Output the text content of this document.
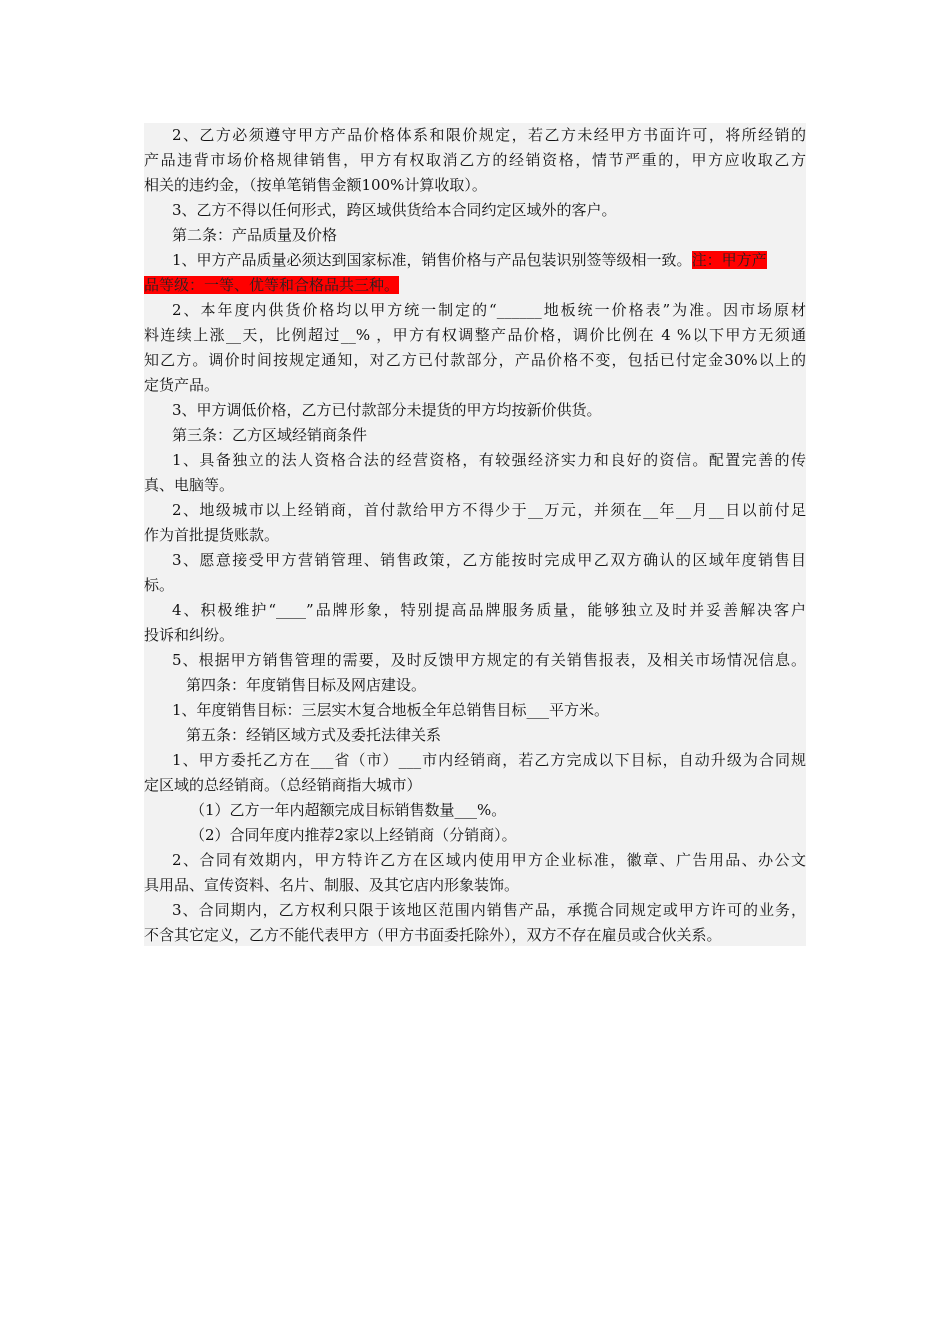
2、乙方必须遵守甲方产品价格体系和限价规定，若乙方未经甲方书面许可，将所经销的
产品违背市场价格规律销售，甲方有权取消乙方的经销资格，情节严重的，甲方应收取乙方
相关的违约金，（按单笔销售金额100%计算收取）。
3、乙方不得以任何形式，跨区域供货给本合同约定区域外的客户。
第二条：产品质量及价格
1、甲方产品质量必须达到国家标准，销售价格与产品包装识别签等级相一致。注：甲方产
品等级：一等、优等和合格品共三种。
2、本年度内供货价格均以甲方统一制定的“______地板统一价格表”为准。因市场原材
料连续上涨__天，比例超过__% ，甲方有权调整产品价格，调价比例在 4 %以下甲方无须通
知乙方。调价时间按规定通知，对乙方已付款部分，产品价格不变，包括已付定金30%以上的
定货产品。
3、甲方调低价格，乙方已付款部分未提货的甲方均按新价供货。
第三条：乙方区域经销商条件
1、具备独立的法人资格合法的经营资格，有较强经济实力和良好的资信。配置完善的传
真、电脑等。
2、地级城市以上经销商，首付款给甲方不得少于__万元，并须在__年__月__日以前付足
作为首批提货账款。
3、愿意接受甲方营销管理、销售政策，乙方能按时完成甲乙双方确认的区域年度销售目
标。
4、积极维护“____”品牌形象，特别提高品牌服务质量，能够独立及时并妥善解决客户
投诉和纠纷。
5、根据甲方销售管理的需要，及时反馈甲方规定的有关销售报表，及相关市场情况信息。
第四条：年度销售目标及网店建设。
1、年度销售目标：三层实木复合地板全年总销售目标___平方米。
第五条：经销区域方式及委托法律关系
1、甲方委托乙方在___省（市）___市内经销商，若乙方完成以下目标，自动升级为合同规
定区域的总经销商。（总经销商指大城市）
（1）乙方一年内超额完成目标销售数量___%。
（2）合同年度内推荐2家以上经销商（分销商）。
2、合同有效期内，甲方特许乙方在区域内使用甲方企业标准，徽章、广告用品、办公文
具用品、宣传资料、名片、制服、及其它店内形象装饰。
3、合同期内，乙方权利只限于该地区范围内销售产品，承揽合同规定或甲方许可的业务，
不含其它定义，乙方不能代表甲方（甲方书面委托除外），双方不存在雇员或合伙关系。
